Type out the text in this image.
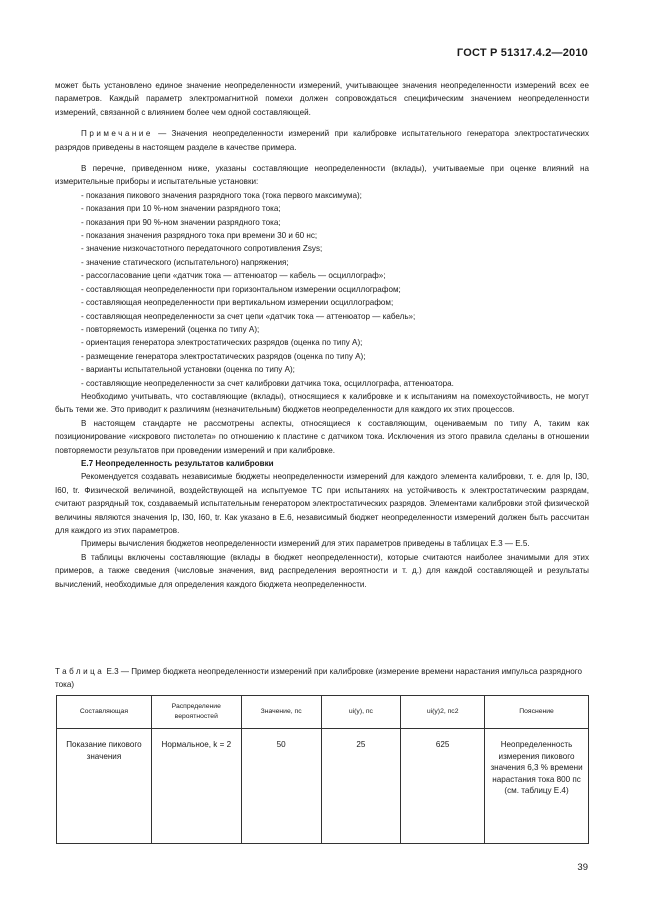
ГОСТ Р 51317.4.2—2010

может быть установлено единое значение неопределенности измерений, учитывающее значения неопределенности измерений всех ее параметров. Каждый параметр электромагнитной помехи должен сопровождаться специфическим значением неопределенности измерений, связанной с влиянием более чем одной составляющей.

Примечание — Значения неопределенности измерений при калибровке испытательного генератора электростатических разрядов приведены в настоящем разделе в качестве примера.

В перечне, приведенном ниже, указаны составляющие неопределенности (вклады), учитываемые при оценке влияний на измерительные приборы и испытательные установки:

- показания пикового значения разрядного тока (тока первого максимума);
- показания при 10 %-ном значении разрядного тока;
- показания при 90 %-ном значении разрядного тока;
- показания значения разрядного тока при времени 30 и 60 нс;
- значение низкочастотного передаточного сопротивления Zsys;
- значение статического (испытательного) напряжения;
- рассогласование цепи «датчик тока — аттенюатор — кабель — осциллограф»;
- составляющая неопределенности при горизонтальном измерении осциллографом;
- составляющая неопределенности при вертикальном измерении осциллографом;
- составляющая неопределенности за счет цепи «датчик тока — аттенюатор — кабель»;
- повторяемость измерений (оценка по типу А);
- ориентация генератора электростатических разрядов (оценка по типу А);
- размещение генератора электростатических разрядов (оценка по типу А);
- варианты испытательной установки (оценка по типу А);
- составляющие неопределенности за счет калибровки датчика тока, осциллографа, аттенюатора.

Необходимо учитывать, что составляющие (вклады), относящиеся к калибровке и к испытаниям на помехоустойчивость, не могут быть теми же. Это приводит к различиям (незначительным) бюджетов неопределенности для каждого их этих процессов.

В настоящем стандарте не рассмотрены аспекты, относящиеся к составляющим, оцениваемым по типу А, таким как позиционирование «искрового пистолета» по отношению к пластине с датчиком тока. Исключения из этого правила сделаны в отношении повторяемости результатов при проведении измерений и при калибровке.

Е.7 Неопределенность результатов калибровки

Рекомендуется создавать независимые бюджеты неопределенности измерений для каждого элемента калибровки, т. е. для Ip, I30, I60, tr. Физической величиной, воздействующей на испытуемое ТС при испытаниях на устойчивость к электростатическим разрядам, считают разрядный ток, создаваемый испытательным генератором электростатических разрядов. Элементами калибровки этой физической величины являются значения Ip, I30, I60, tr. Как указано в Е.6, независимый бюджет неопределенности измерений должен быть рассчитан для каждого из этих параметров.

Примеры вычисления бюджетов неопределенности измерений для этих параметров приведены в таблицах Е.3 — Е.5.

В таблицы включены составляющие (вклады в бюджет неопределенности), которые считаются наиболее значимыми для этих примеров, а также сведения (числовые значения, вид распределения вероятности и т. д.) для каждой составляющей и результаты вычислений, необходимые для определения каждого бюджета неопределенности.

Таблица Е.3 — Пример бюджета неопределенности измерений при калибровке (измерение времени нарастания импульса разрядного тока)
Составляющая	Распределение вероятностей	Значение, пс	ui(y), пс	ui(y)2, пс2	Пояснение
Показание пикового значения	Нормальное, k = 2	50	25	625	Неопределенность измерения пикового значения 6,3 % времени нарастания тока 800 пс (см. таблицу Е.4)
39
